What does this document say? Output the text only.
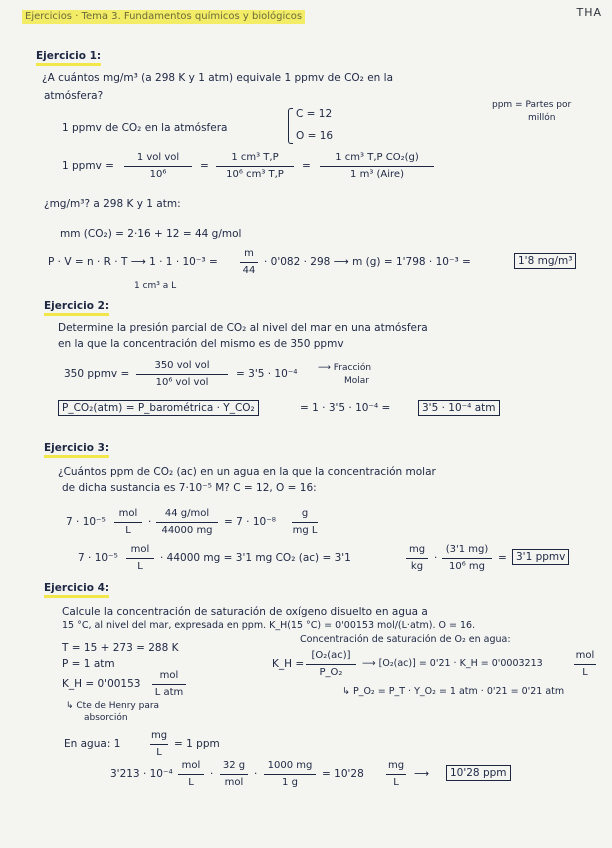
Ejercicios · Tema 3. Fundamentos químicos y biológicos	THA
Ejercicio 1:
¿A cuántos mg/m³ (a 298 K y 1 atm) equivale 1 ppmv de CO₂ en la
atmósfera?
ppm = Partes por
millón
1 ppmv de CO₂ en la atmósfera
C = 12
O = 16
1 ppmv =
1 vol vol
10⁶
=
1 cm³ T,P
10⁶ cm³ T,P
=
1 cm³ T,P CO₂(g)
1 m³ (Aire)
¿mg/m³? a 298 K y 1 atm:
mm (CO₂) = 2·16 + 12 = 44 g/mol
P · V = n · R · T ⟶ 1 · 1 · 10⁻³ =
m
44
· 0'082 · 298 ⟶ m (g) = 1'798 · 10⁻³ =	1'8 mg/m³
1 cm³ a L
Ejercicio 2:
Determine la presión parcial de CO₂ al nivel del mar en una atmósfera
en la que la concentración del mismo es de 350 ppmv
350 ppmv =
350 vol vol
10⁶ vol vol
= 3'5 · 10⁻⁴ ⟶ Fracción
Molar
P_CO₂(atm) = P_barométrica · Y_CO₂	= 1 · 3'5 · 10⁻⁴ =	3'5 · 10⁻⁴ atm
Ejercicio 3:
¿Cuántos ppm de CO₂ (ac) en un agua en la que la concentración molar
de dicha sustancia es 7·10⁻⁵ M? C = 12, O = 16:
7 · 10⁻⁵
mol
L
·
44 g/mol
44000 mg
= 7 · 10⁻⁸
g
mg L
7 · 10⁻⁵
mol
L
· 44000 mg = 3'1 mg CO₂ (ac) = 3'1
mg
kg
·
(3'1 mg)
10⁶ mg
= 3'1 ppmv
Ejercicio 4:
Calcule la concentración de saturación de oxígeno disuelto en agua a
15 °C, al nivel del mar, expresada en ppm. K_H(15 °C) = 0'00153 mol/(L·atm). O = 16.
Concentración de saturación de O₂ en agua:
T = 15 + 273 = 288 K
P = 1 atm
K_H = 0'00153
mol
L atm
↳ Cte de Henry para
absorción
K_H =
[O₂(ac)]
P_O₂
⟶ [O₂(ac)] = 0'21 · K_H = 0'0003213
mol
L
↳ P_O₂ = P_T · Y_O₂ = 1 atm · 0'21 = 0'21 atm
En agua: 1
mg
L
= 1 ppm
3'213 · 10⁻⁴
mol
L
·
32 g
mol
·
1000 mg
1 g
= 10'28
mg
L
⟶	10'28 ppm
